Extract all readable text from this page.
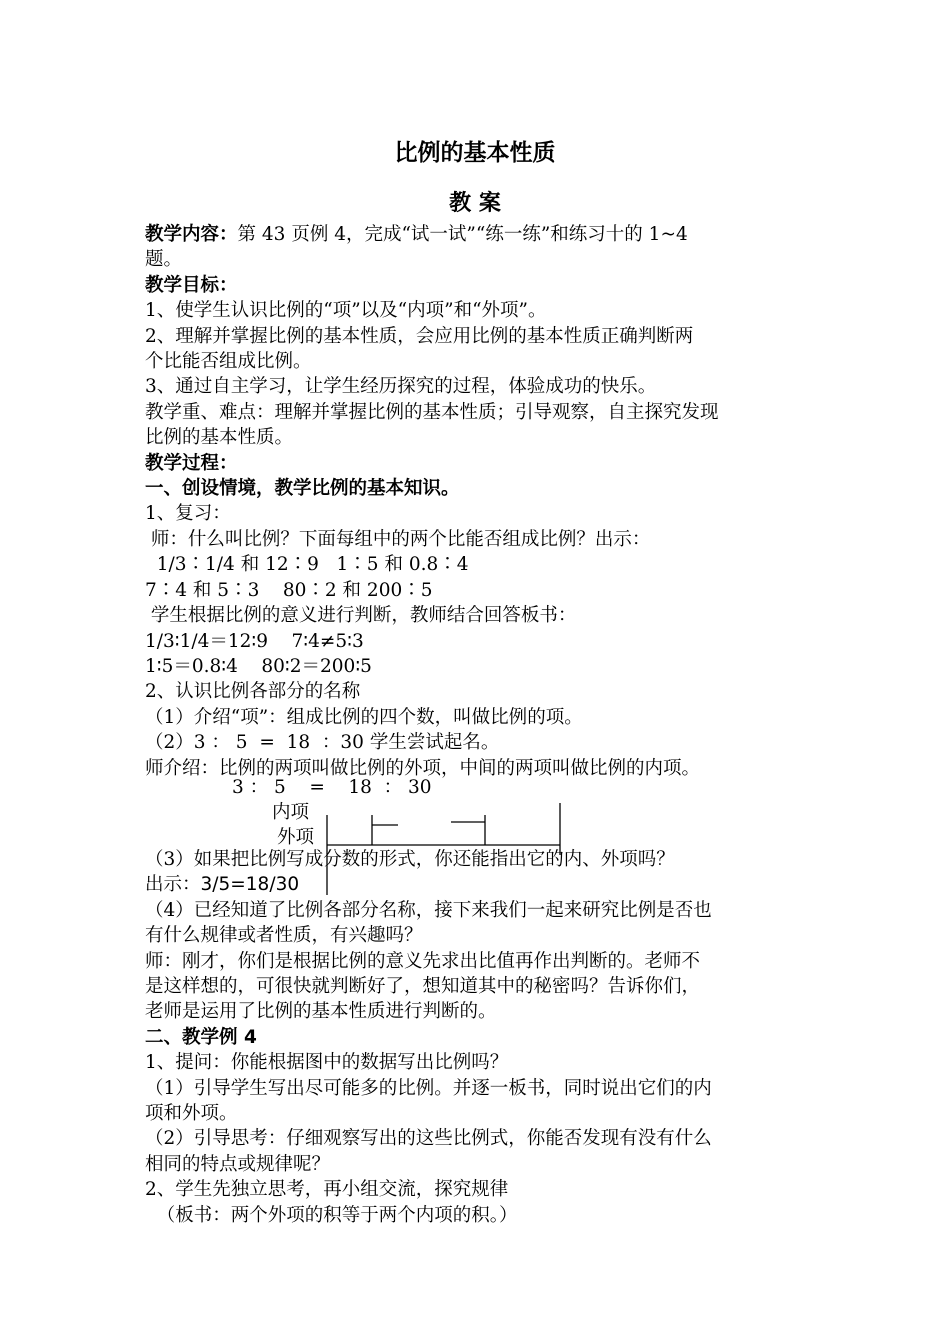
比例的基本性质
教 案

教学内容：第 43 页例 4，完成“试一试”“练一练”和练习十的 1~4

题。

教学目标：

1、使学生认识比例的“项”以及“内项”和“外项”。

2、理解并掌握比例的基本性质，会应用比例的基本性质正确判断两

个比能否组成比例。

3、通过自主学习，让学生经历探究的过程，体验成功的快乐。

教学重、难点：理解并掌握比例的基本性质；引导观察，自主探究发现

比例的基本性质。

教学过程：

一、创设情境，教学比例的基本知识。

1、复习：

师：什么叫比例？下面每组中的两个比能否组成比例？出示：

1/3∶1/4 和 12∶9   1∶5 和 0.8∶4

7∶4 和 5∶3    80∶2 和 200∶5

学生根据比例的意义进行判断，教师结合回答板书：

1/3∶1/4＝12∶9    7∶4≠5∶3

1∶5＝0.8∶4    80∶2＝200∶5

2、认识比例各部分的名称

（1）介绍“项”：组成比例的四个数，叫做比例的项。

（2）3 ： 5  =  18  ：30 学生尝试起名。

师介绍：比例的两项叫做比例的外项，中间的两项叫做比例的内项。

3 ： 5    =    18  ： 30
内项
外项

（3）如果把比例写成分数的形式，你还能指出它的内、外项吗？

出示：3/5=18/30

（4）已经知道了比例各部分名称，接下来我们一起来研究比例是否也

有什么规律或者性质，有兴趣吗？

师：刚才，你们是根据比例的意义先求出比值再作出判断的。老师不

是这样想的，可很快就判断好了，想知道其中的秘密吗？告诉你们，

老师是运用了比例的基本性质进行判断的。

二、教学例 4

1、提问：你能根据图中的数据写出比例吗？

（1）引导学生写出尽可能多的比例。并逐一板书，同时说出它们的内

项和外项。

（2）引导思考：仔细观察写出的这些比例式，你能否发现有没有什么

相同的特点或规律呢？

2、学生先独立思考，再小组交流，探究规律

（板书：两个外项的积等于两个内项的积。）
